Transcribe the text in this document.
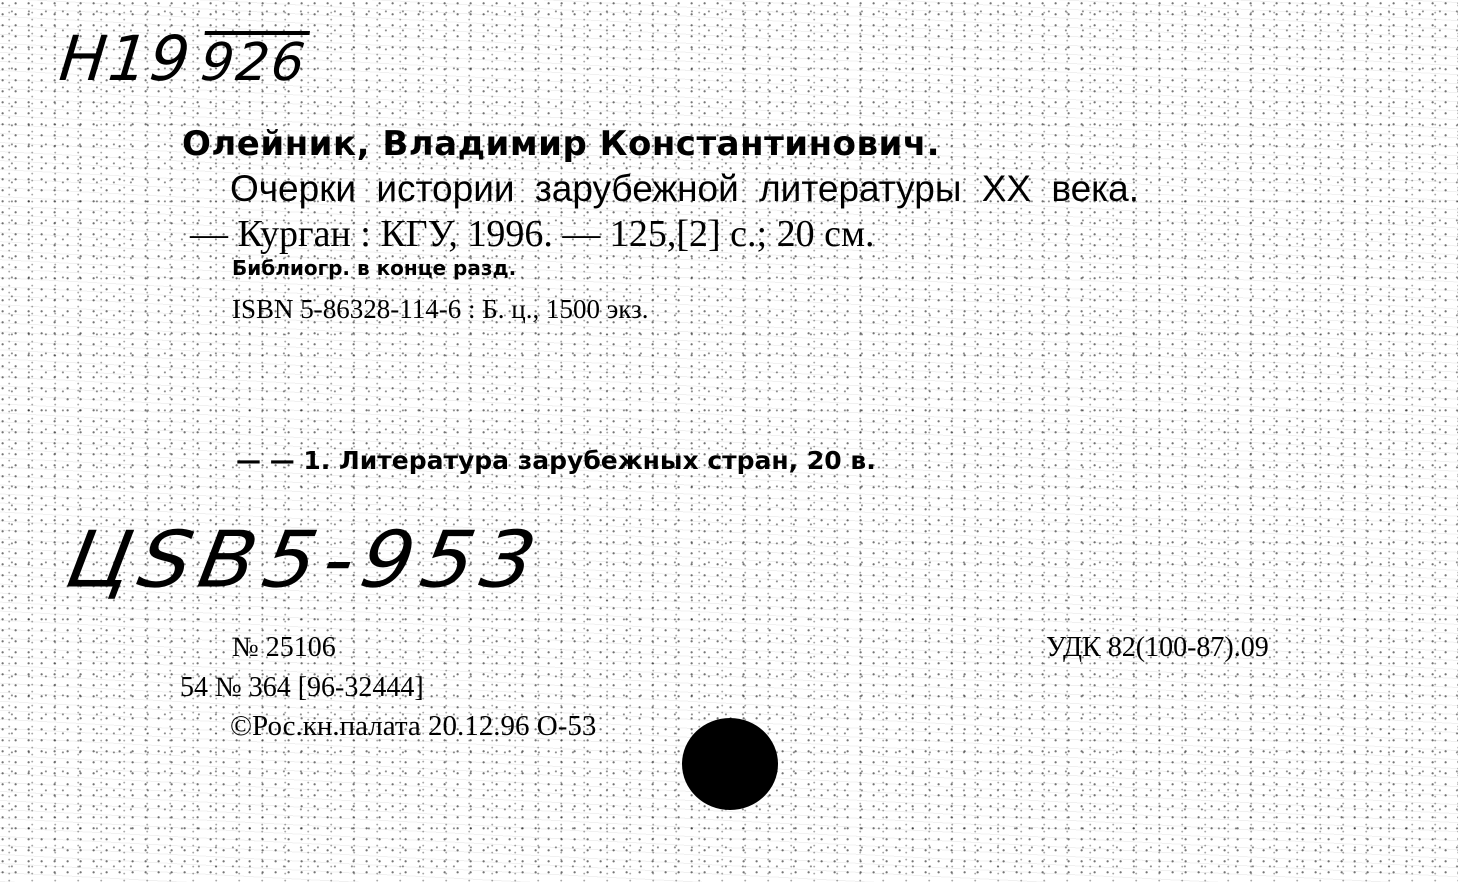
Н19926
Олейник, Владимир Константинович.
Очерки истории зарубежной литературы XX века.
— Курган : КГУ, 1996. — 125,[2] с.; 20 см.
Библиогр. в конце разд.
ISBN 5-86328-114-6 : Б. ц., 1500 экз.
— — 1. Литература зарубежных стран, 20 в.
ЦSB5-953
№ 25106	УДК 82(100-87).09
54 № 364 [96-32444]
©Рос.кн.палата 20.12.96 О-53
